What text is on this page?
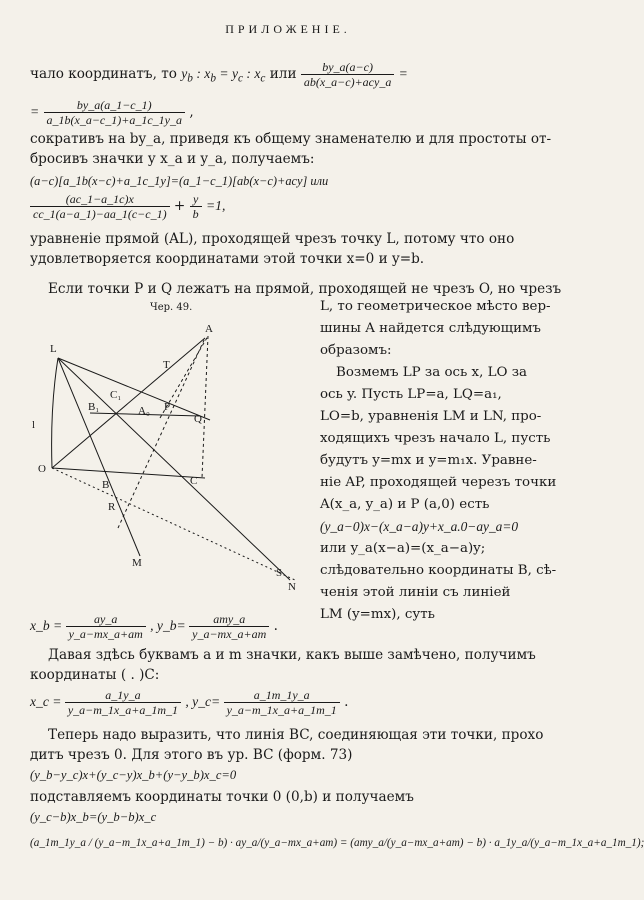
ПРИЛОЖЕНІЕ.
чало координатъ, то $y_b$ : $x_b = y_c$ : $x_c$ или $\frac{by\_a(a-c)}{\text{ab(x\_a−c)+acy\_a}}$ =
= $\frac{by\_a(a\_1-c\_1)}{a\_1b(x\_a-c\_1)+a\_1c\_1y\_a}$ ,
сокративъ на by_a, приведя къ общему знаменателю и для простоты от-
бросивъ значки у x_a и y_a, получаемъ:
(a−c)[a_1b(x−c)+a_1c_1y]=(a_1−c_1)[ab(x−c)+acy] или
$\frac{(ac\_1-a\_1c)x}{cc\_1(a-a\_1)-aa\_1(c-c\_1)} + \frac{y}{b} =1$,
уравненіе прямой (AL), проходящей чрезъ точку L, потому что оно
удовлетворяется координатами этой точки x=0 и y=b.
Если точки P и Q лежатъ на прямой, проходящей не чрезъ O, но чрезъ
Чер. 49.
A
L
T
C₁
B₁	P
Q
A₀
l
B
O
R
C
M
S
N
L, то геометрическое мѣсто вер-
шины A найдется слѣдующимъ
образомъ:
Возмемъ LP за ось x, LO за
ось y. Пусть LP=a, LQ=a₁,
LO=b, уравненія LM и LN, про-
ходящихъ чрезъ начало L, пусть
будутъ y=mx и y=m₁x. Уравне-
ніе AP, проходящей черезъ точки
A(x_a, y_a) и P (a,0) есть
(y_a−0)x−(x_a−a)y+x_a.0−ay_a=0
или y_a(x−a)=(x_a−a)y;
слѣдовательно координаты B, сѣ-
ченія этой линіи съ линіей
LM (y=mx), суть
x_b = $\frac{ay\_a}{y\_a-mx\_a+am}$ , y_b= $\frac{\text{amy\_a}}{y\_a-mx\_a+am}$ .
Давая здѣсь буквамъ a и m значки, какъ выше замѣчено, получимъ
координаты ( . )C:
x_c = $\frac{a\_1y\_a}{y\_a-m\_1x\_a+a\_1m\_1}$ , y_c= $\frac{a\_1m\_1y\_a}{y\_a-m\_1x\_a+a\_1m\_1}$ .
Теперь надо выразить, что линія BC, соединяющая эти точки, прохо
дитъ чрезъ 0. Для этого въ ур. BC (форм. 73)
(y_b−y_c)x+(y_c−y)x_b+(y−y_b)x_c=0
подставляемъ координаты точки 0 (0,b) и получаемъ
(y_c−b)x_b=(y_b−b)x_c
(a_1m_1y_a / (y_a−m_1x_a+a_1m_1) − b) · ay_a/(y_a−mx_a+am) = (amy_a/(y_a−mx_a+am) − b) · a_1y_a/(y_a−m_1x_a+a_1m_1);
